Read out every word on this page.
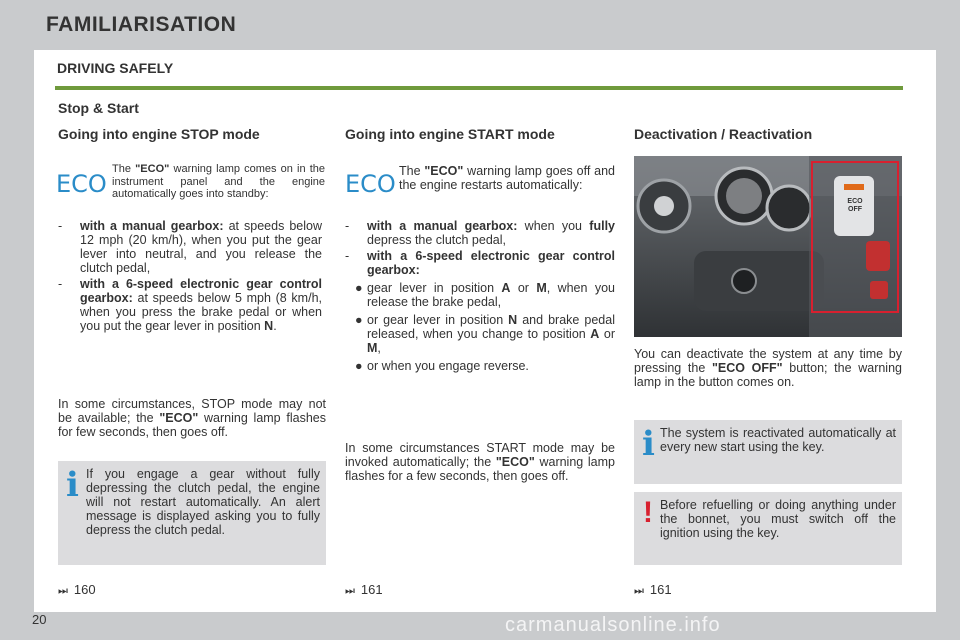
FAMILIARISATION
DRIVING SAFELY
Stop & Start
Going into engine STOP mode
ECO
The "ECO" warning lamp comes on in the instrument panel and the engine automatically goes into standby:
- with a manual gearbox: at speeds below 12 mph (20 km/h), when you put the gear lever into neutral, and you release the clutch pedal,
- with a 6-speed electronic gear control gearbox: at speeds below 5 mph (8 km/h, when you press the brake pedal or when you put the gear lever in position N.
In some circumstances, STOP mode may not be available; the "ECO" warning lamp flashes for few seconds, then goes off.
i If you engage a gear without fully depressing the clutch pedal, the engine will not restart automatically. An alert message is displayed asking you to fully depress the clutch pedal.
⏭ 160
Going into engine START mode
ECO The "ECO" warning lamp goes off and the engine restarts automatically:
- with a manual gearbox: when you fully depress the clutch pedal,
- with a 6-speed electronic gear control gearbox:
● gear lever in position A or M, when you release the brake pedal,
● or gear lever in position N and brake pedal released, when you change to position A or M,
● or when you engage reverse.
In some circumstances START mode may be invoked automatically; the "ECO" warning lamp flashes for a few seconds, then goes off.
⏭ 161
Deactivation / Reactivation
ECO OFF
You can deactivate the system at any time by pressing the "ECO OFF" button; the warning lamp in the button comes on.
i The system is reactivated automatically at every new start using the key.
! Before refuelling or doing anything under the bonnet, you must switch off the ignition using the key.
⏭ 161
20	carmanualsonline.info
